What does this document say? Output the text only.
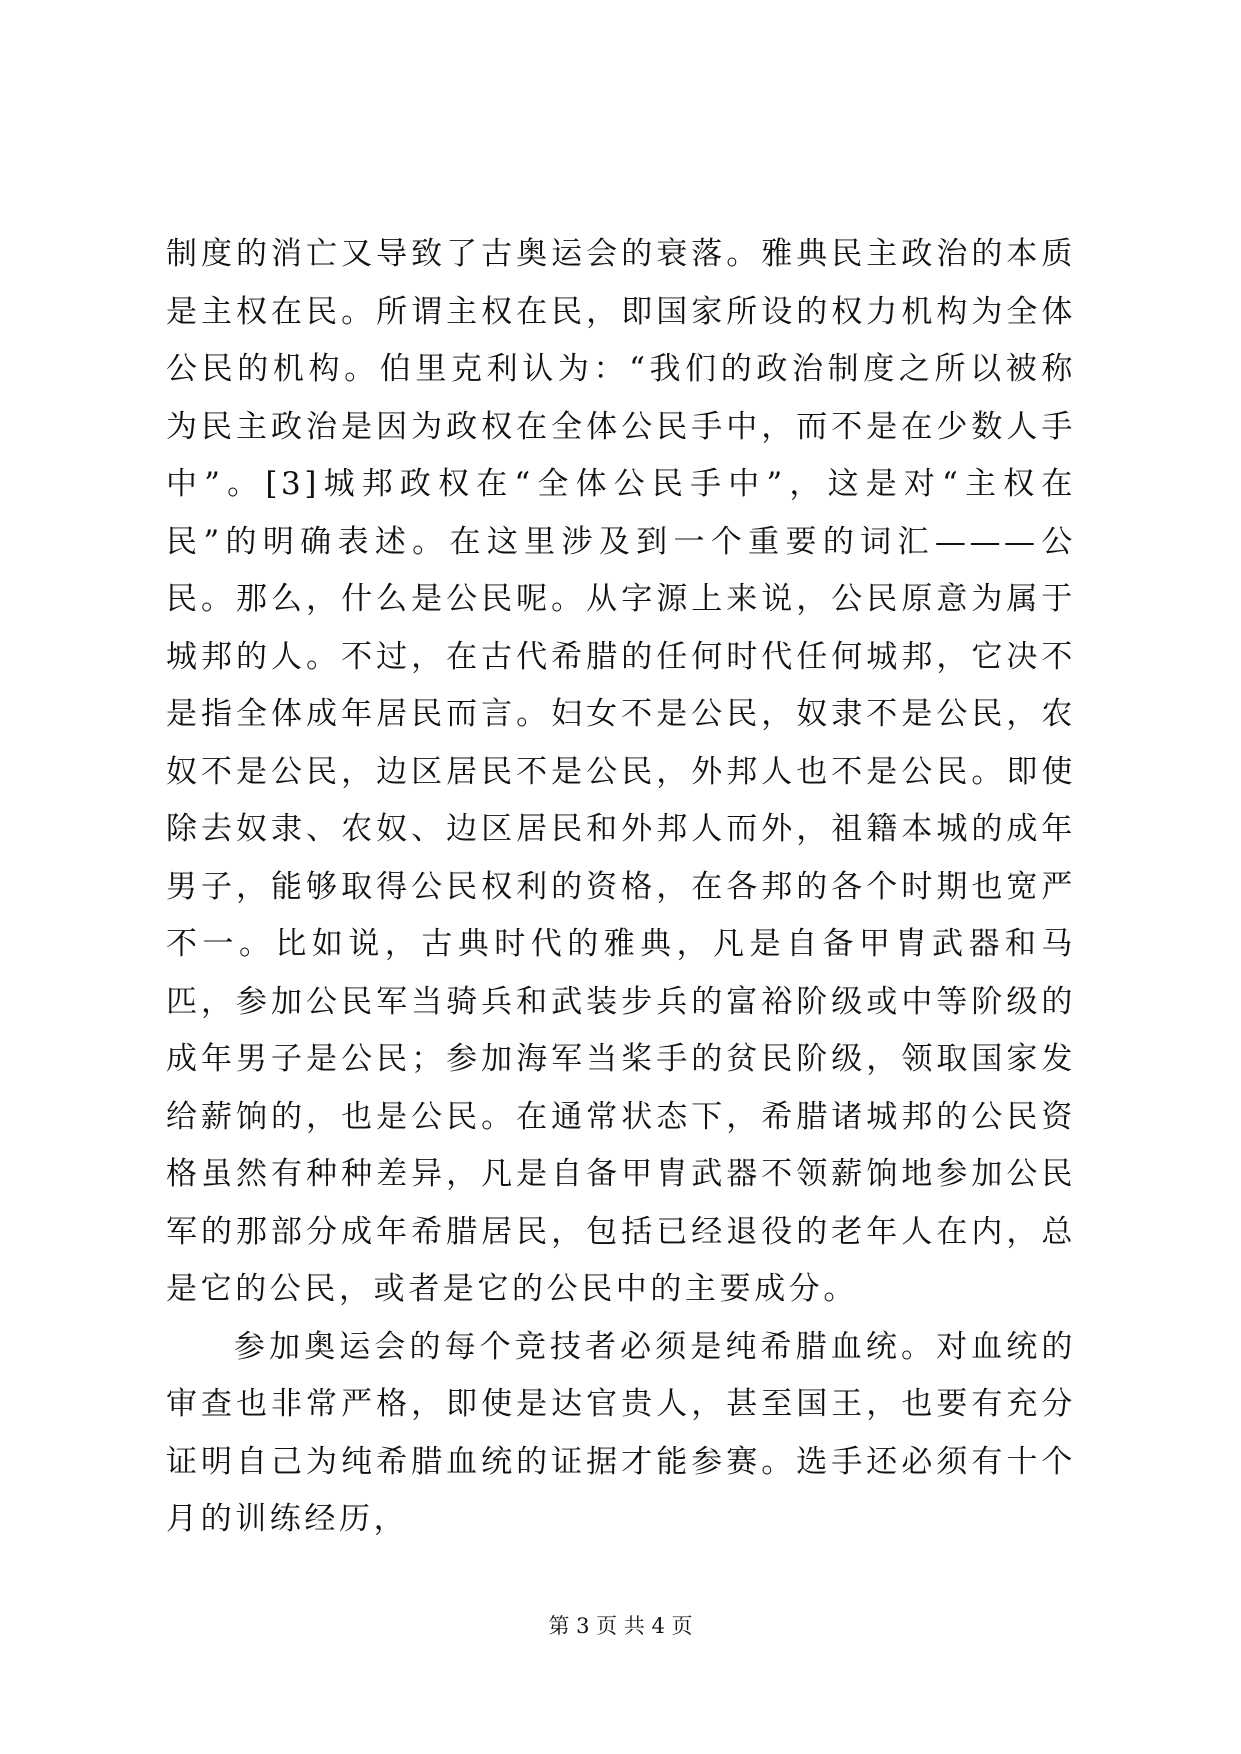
制度的消亡又导致了古奥运会的衰落。雅典民主政治的本质是主权在民。所谓主权在民，即国家所设的权力机构为全体公民的机构。伯里克利认为：“我们的政治制度之所以被称为民主政治是因为政权在全体公民手中，而不是在少数人手中”。[3]城邦政权在“全体公民手中”，这是对“主权在民”的明确表述。在这里涉及到一个重要的词汇———公民。那么，什么是公民呢。从字源上来说，公民原意为属于城邦的人。不过，在古代希腊的任何时代任何城邦，它决不是指全体成年居民而言。妇女不是公民，奴隶不是公民，农奴不是公民，边区居民不是公民，外邦人也不是公民。即使除去奴隶、农奴、边区居民和外邦人而外，祖籍本城的成年男子，能够取得公民权利的资格，在各邦的各个时期也宽严不一。比如说，古典时代的雅典，凡是自备甲胄武器和马匹，参加公民军当骑兵和武装步兵的富裕阶级或中等阶级的成年男子是公民；参加海军当桨手的贫民阶级，领取国家发给薪饷的，也是公民。在通常状态下，希腊诸城邦的公民资格虽然有种种差异，凡是自备甲胄武器不领薪饷地参加公民军的那部分成年希腊居民，包括已经退役的老年人在内，总是它的公民，或者是它的公民中的主要成分。

参加奥运会的每个竞技者必须是纯希腊血统。对血统的审查也非常严格，即使是达官贵人，甚至国王，也要有充分证明自己为纯希腊血统的证据才能参赛。选手还必须有十个月的训练经历，

第 3 页 共 4 页
